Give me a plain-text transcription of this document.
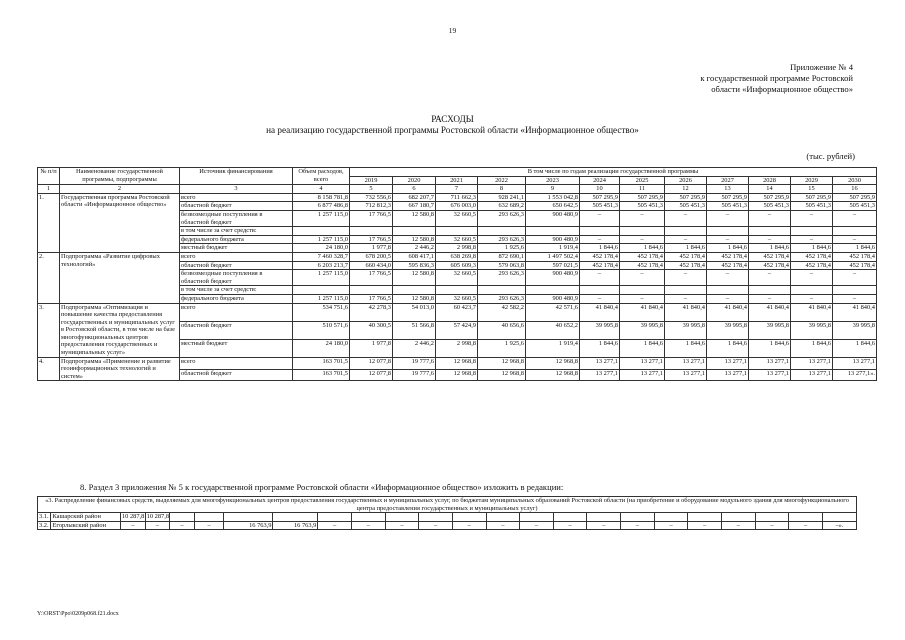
19
Приложение № 4
к государственной программе Ростовской
области «Информационное общество»
РАСХОДЫ
на реализацию государственной программы Ростовской области «Информационное общество»
(тыс. рублей)
№ п/п	Наименование государственной программы, подпрограммы	Источник финансирования	Объем расходов, всего	В том числе по годам реализации государственной программы											
				2019	2020	2021	2022	2023	2024	2025	2026	2027	2028	2029	2030
1	2	3	4	5	6	7	8	9	10	11	12	13	14	15	16
1.	Государственная программа Ростовской области «Информационное общество»	всего	8 158 781,8	732 556,6	682 207,7	711 662,3	928 241,1	1 553 042,8	507 295,9	507 295,9	507 295,9	507 295,9	507 295,9	507 295,9	507 295,9
		областной бюджет	6 877 486,8	712 812,3	667 180,7	676 003,0	632 689,2	650 642,5	505 451,3	505 451,3	505 451,3	505 451,3	505 451,3	505 451,3	505 451,3
		безвозмездные поступления в областной бюджет	1 257 115,0	17 766,5	12 580,8	32 660,5	293 626,3	900 480,9	–	–	–	–	–	–	–
		в том числе за счет средств:													
		федерального бюджета	1 257 115,0	17 766,5	12 580,8	32 660,5	293 626,3	900 480,9	–	–	–	–	–	–	–
		местный бюджет	24 180,0	1 977,8	2 446,2	2 998,8	1 925,6	1 919,4	1 844,6	1 844,6	1 844,6	1 844,6	1 844,6	1 844,6	1 844,6
2.	Подпрограмма «Развитие цифровых технологий»	всего	7 460 328,7	678 200,5	608 417,1	638 269,8	872 690,1	1 497 502,4	452 178,4	452 178,4	452 178,4	452 178,4	452 178,4	452 178,4	452 178,4
		областной бюджет	6 203 213,7	660 434,0	595 836,3	605 609,3	579 063,8	597 021,5	452 178,4	452 178,4	452 178,4	452 178,4	452 178,4	452 178,4	452 178,4
		безвозмездные поступления в областной бюджет	1 257 115,0	17 766,5	12 580,8	32 660,5	293 626,3	900 480,9	–	–	–	–	–	–	–
		в том числе за счет средств:													
		федерального бюджета	1 257 115,0	17 766,5	12 580,8	32 660,5	293 626,3	900 480,9	–	–	–	–	–	–	–
3.	Подпрограмма «Оптимизация и повышение качества предоставления государственных и муниципальных услуг в Ростовской области, в том числе на базе многофункциональных центров предоставления государственных и муниципальных услуг»	всего	534 751,6	42 278,3	54 013,0	60 423,7	42 582,2	42 571,6	41 840,4	41 840,4	41 840,4	41 840,4	41 840,4	41 840,4	41 840,4
		областной бюджет	510 571,6	40 300,5	51 566,8	57 424,9	40 656,6	40 652,2	39 995,8	39 995,8	39 995,8	39 995,8	39 995,8	39 995,8	39 995,8
		местный бюджет	24 180,0	1 977,8	2 446,2	2 998,8	1 925,6	1 919,4	1 844,6	1 844,6	1 844,6	1 844,6	1 844,6	1 844,6	1 844,6
4.	Подпрограмма «Применение и развитие геоинформационных технологий и систем»	всего	163 701,5	12 077,8	19 777,6	12 968,8	12 968,8	12 968,8	13 277,1	13 277,1	13 277,1	13 277,1	13 277,1	13 277,1	13 277,1
		областной бюджет	163 701,5	12 077,8	19 777,6	12 968,8	12 968,8	12 968,8	13 277,1	13 277,1	13 277,1	13 277,1	13 277,1	13 277,1	13 277,1».
8. Раздел 3 приложения № 5 к государственной программе Ростовской области «Информационное общество» изложить в редакции:
«3. Распределение финансовых средств, выделяемых для многофункциональных центров предоставления государственных и муниципальных услуг, по бюджетам муниципальных образований Ростовской области (на приобретение и оборудование модульного здания для многофункционального центра предоставления государственных и муниципальных услуг)																							
3.1.	Кашарский район	10 287,8	10 287,8																				
3.2.	Егорлыкский район	–	–	–	–	16 763,9	16 763,9	–	–	–	–	–	–	–	–	–	–	–	–	–	–	–	–».
Y:\ORST\Ppo\0209p068.f21.docx
